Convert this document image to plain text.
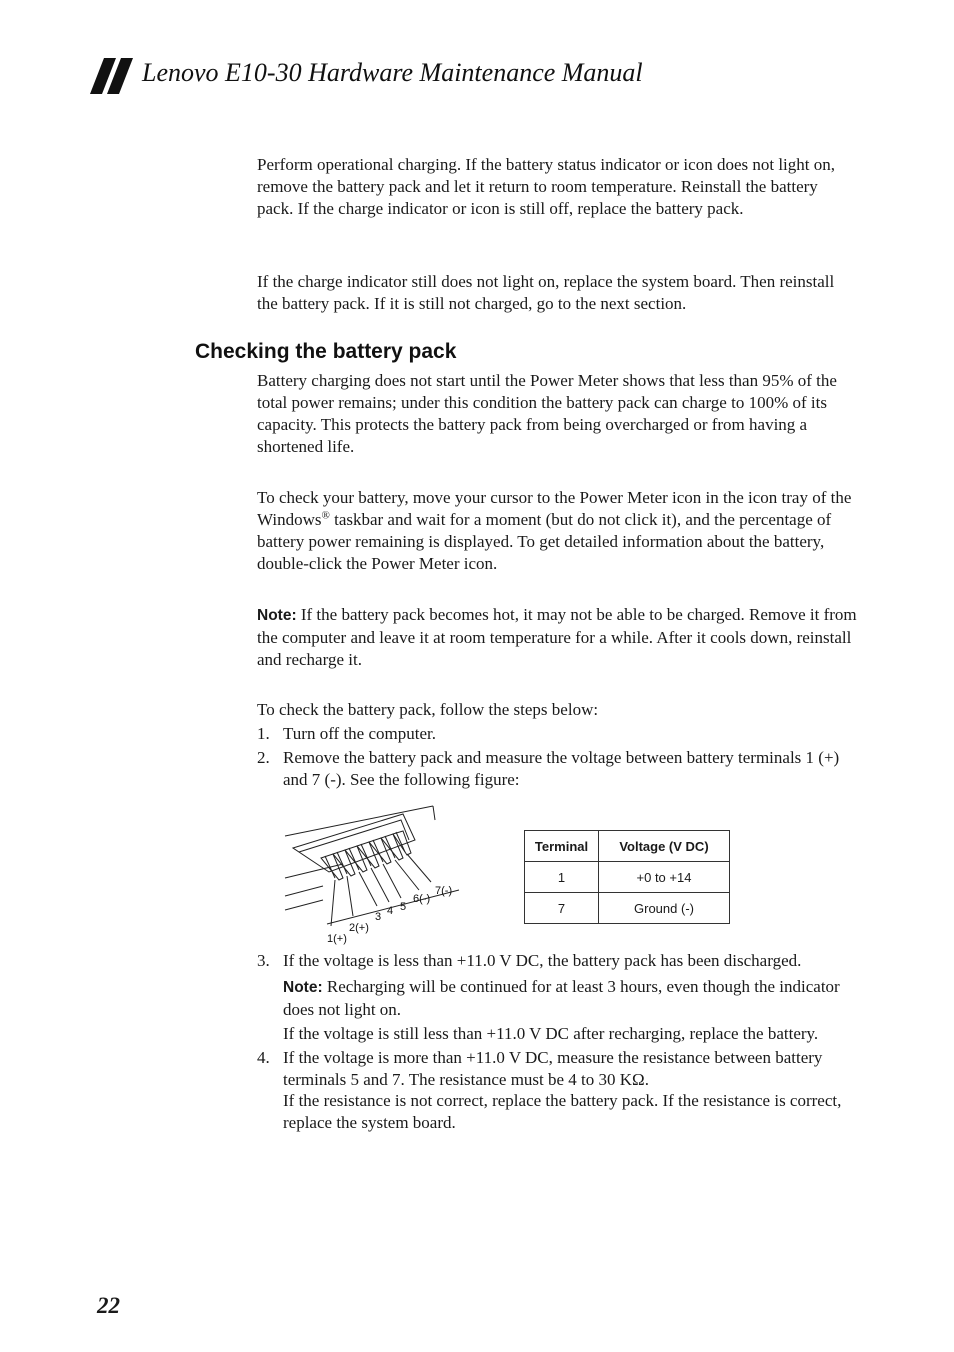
Lenovo E10-30 Hardware Maintenance Manual

Perform operational charging. If the battery status indicator or icon does not light on, remove the battery pack and let it return to room temperature. Reinstall the battery pack. If the charge indicator or icon is still off, replace the battery pack.

If the charge indicator still does not light on, replace the system board. Then reinstall the battery pack. If it is still not charged, go to the next section.

Checking the battery pack

Battery charging does not start until the Power Meter shows that less than 95% of the total power remains; under this condition the battery pack can charge to 100% of its capacity. This protects the battery pack from being overcharged or from having a shortened life.

To check your battery, move your cursor to the Power Meter icon in the icon tray of the Windows® taskbar and wait for a moment (but do not click it), and the percentage of battery power remaining is displayed. To get detailed information about the battery, double-click the Power Meter icon.

Note: If the battery pack becomes hot, it may not be able to be charged. Remove it from the computer and leave it at room temperature for a while. After it cools down, reinstall and recharge it.

To check the battery pack, follow the steps below:

1. Turn off the computer.
2. Remove the battery pack and measure the voltage between battery terminals 1 (+) and 7 (-). See the following figure:
1(+)
2(+)
3 4 5
6(-)
7(-)
Terminal	Voltage (V DC)
1	+0 to +14
7	Ground (-)
3. If the voltage is less than +11.0 V DC, the battery pack has been discharged.

Note: Recharging will be continued for at least 3 hours, even though the indicator does not light on.

If the voltage is still less than +11.0 V DC after recharging, replace the battery.

4. If the voltage is more than +11.0 V DC, measure the resistance between battery terminals 5 and 7. The resistance must be 4 to 30 KΩ.

If the resistance is not correct, replace the battery pack. If the resistance is correct, replace the system board.

22
